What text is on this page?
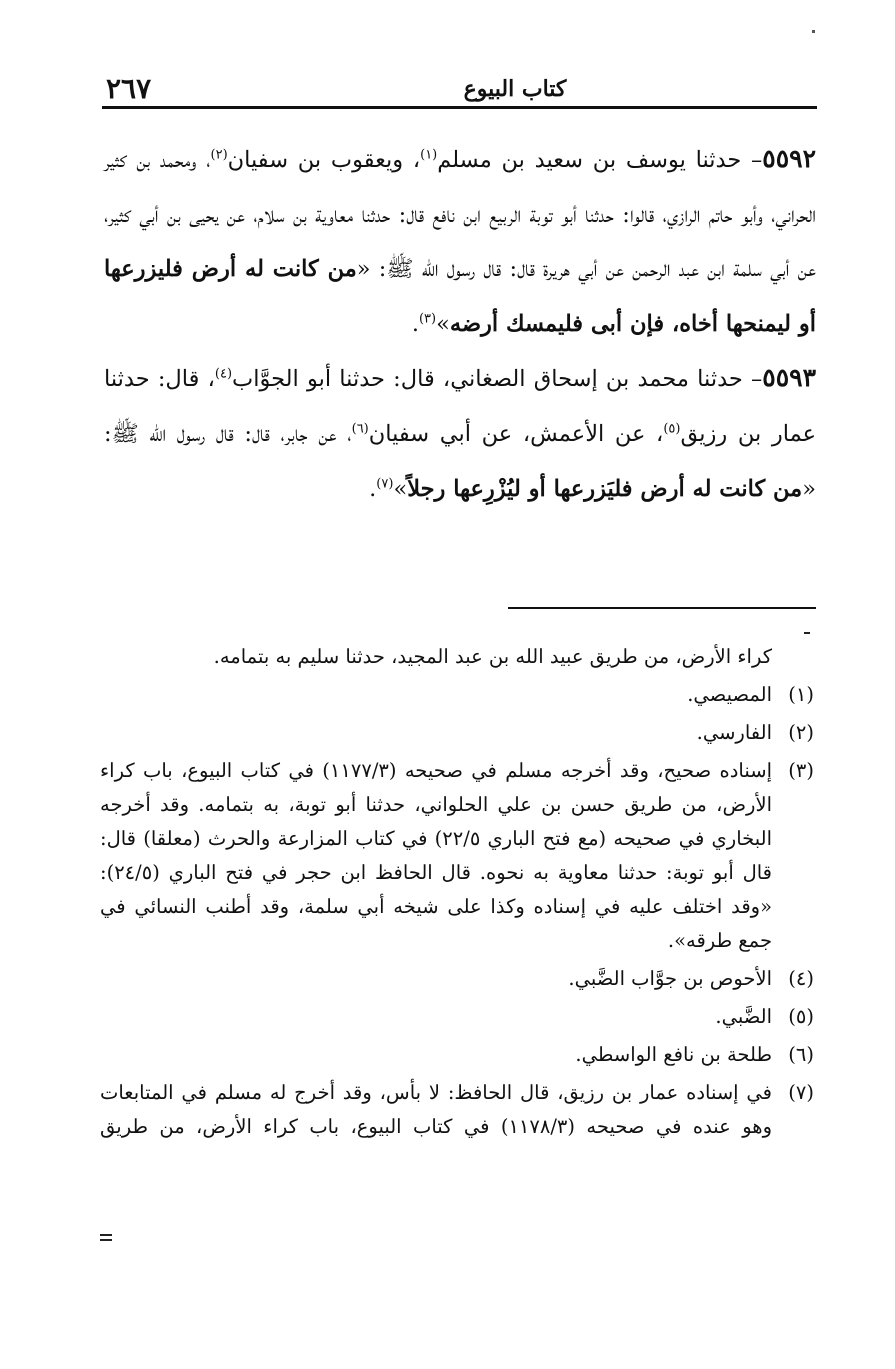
٢٦٧	كتاب البيوع

٥٥٩٢– حدثنا يوسف بن سعيد بن مسلم$^{(١)}$، ويعقوب بن سفيان$^{(٢)}$، ومحمد بن كثير الحراني، وأبو حاتم الرازي، قالوا: حدثنا أبو توبة الربيع ابن نافع قال: حدثنا معاوية بن سلام، عن يحيى بن أبي كثير، عن أبي سلمة ابن عبد الرحمن عن أبي هريرة قال: قال رسول الله ﷺ: «من كانت له أرض فليزرعها أو ليمنحها أخاه، فإن أبى فليمسك أرضه»$^{(٣)}$.

٥٥٩٣– حدثنا محمد بن إسحاق الصغاني، قال: حدثنا أبو الجوَّاب$^{(٤)}$، قال: حدثنا عمار بن رزيق$^{(٥)}$، عن الأعمش، عن أبي سفيان$^{(٦)}$، عن جابر، قال: قال رسول الله ﷺ: «من كانت له أرض فليَزرعها أو ليُزْرِعها رجلاً»$^{(٧)}$.

كراء الأرض، من طريق عبيد الله بن عبد المجيد، حدثنا سليم به بتمامه.

(١)
المصيصي.
(٢)
الفارسي.
(٣)
إسناده صحيح، وقد أخرجه مسلم في صحيحه (١١٧٧/٣) في كتاب البيوع، باب كراء الأرض، من طريق حسن بن علي الحلواني، حدثنا أبو توبة، به بتمامه. وقد أخرجه البخاري في صحيحه (مع فتح الباري ٢٢/٥) في كتاب المزارعة والحرث (معلقا) قال: قال أبو توبة: حدثنا معاوية به نحوه. قال الحافظ ابن حجر في فتح الباري (٢٤/٥): «وقد اختلف عليه في إسناده وكذا على شيخه أبي سلمة، وقد أطنب النسائي في جمع طرقه».
(٤)
الأحوص بن جوَّاب الضَّبي.
(٥)
الضَّبي.
(٦)
طلحة بن نافع الواسطي.
(٧)
في إسناده عمار بن رزيق، قال الحافظ: لا بأس، وقد أخرج له مسلم في المتابعات وهو عنده في صحيحه (١١٧٨/٣) في كتاب البيوع، باب كراء الأرض، من طريق
